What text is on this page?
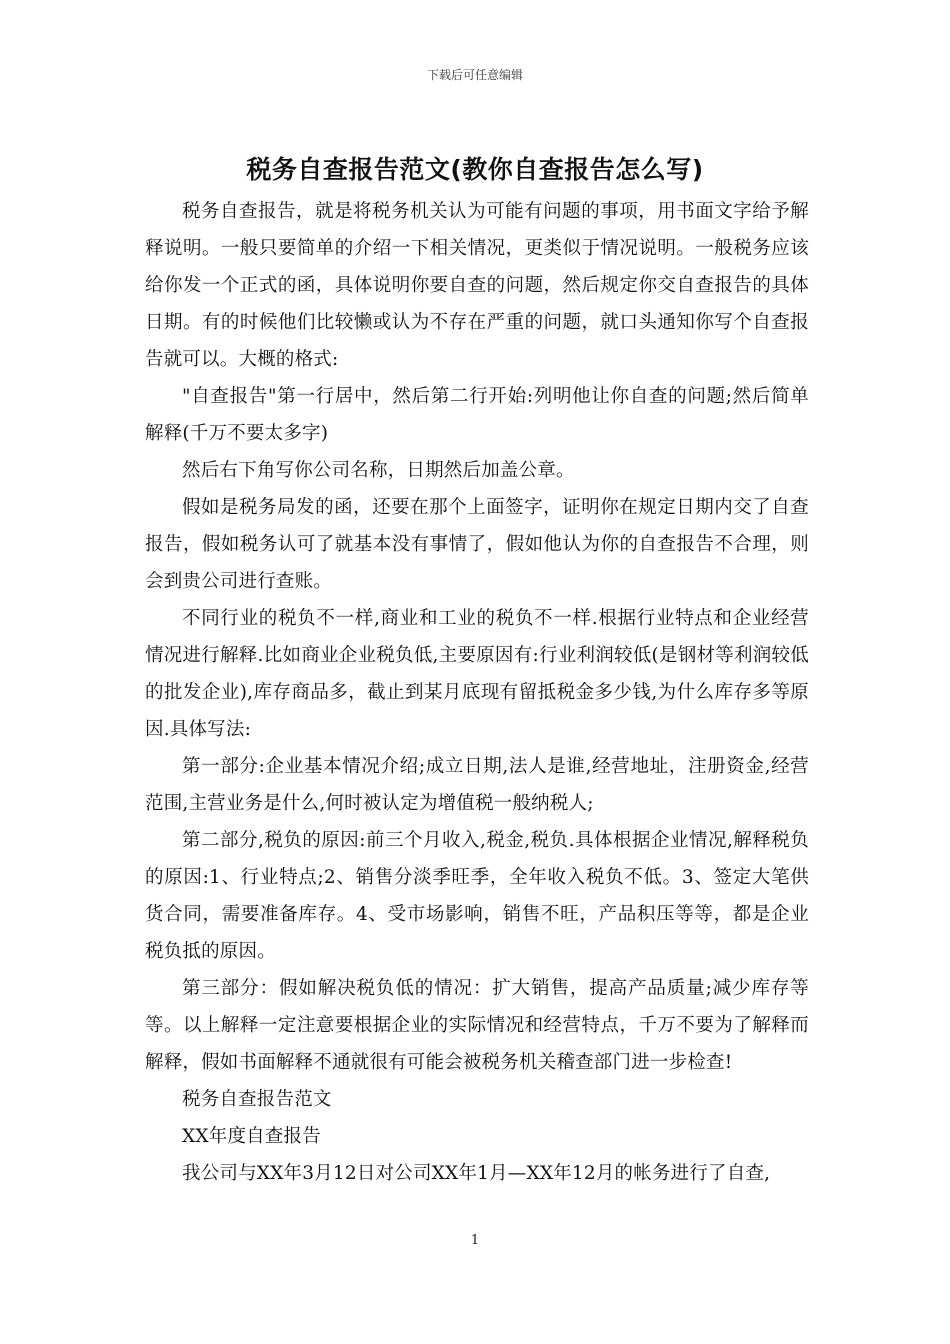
下载后可任意编辑
税务自查报告范文(教你自查报告怎么写)

税务自查报告，就是将税务机关认为可能有问题的事项，用书面文字给予解释说明。一般只要简单的介绍一下相关情况，更类似于情况说明。一般税务应该给你发一个正式的函，具体说明你要自查的问题，然后规定你交自查报告的具体日期。有的时候他们比较懒或认为不存在严重的问题，就口头通知你写个自查报告就可以。大概的格式:

"自查报告"第一行居中，然后第二行开始:列明他让你自查的问题;然后简单解释(千万不要太多字)

然后右下角写你公司名称，日期然后加盖公章。

假如是税务局发的函，还要在那个上面签字，证明你在规定日期内交了自查报告，假如税务认可了就基本没有事情了，假如他认为你的自查报告不合理，则会到贵公司进行查账。

不同行业的税负不一样,商业和工业的税负不一样.根据行业特点和企业经营情况进行解释.比如商业企业税负低,主要原因有:行业利润较低(是钢材等利润较低的批发企业),库存商品多，截止到某月底现有留抵税金多少钱,为什么库存多等原因.具体写法:

第一部分:企业基本情况介绍;成立日期,法人是谁,经营地址，注册资金,经营范围,主营业务是什么,何时被认定为增值税一般纳税人;

第二部分,税负的原因:前三个月收入,税金,税负.具体根据企业情况,解释税负的原因:1、行业特点;2、销售分淡季旺季，全年收入税负不低。3、签定大笔供货合同，需要准备库存。4、受市场影响，销售不旺，产品积压等等，都是企业税负抵的原因。

第三部分：假如解决税负低的情况：扩大销售，提高产品质量;减少库存等等。以上解释一定注意要根据企业的实际情况和经营特点，千万不要为了解释而解释，假如书面解释不通就很有可能会被税务机关稽查部门进一步检查!

税务自查报告范文

XX年度自查报告

我公司与XX年3月12日对公司XX年1月—XX年12月的帐务进行了自查,

1
